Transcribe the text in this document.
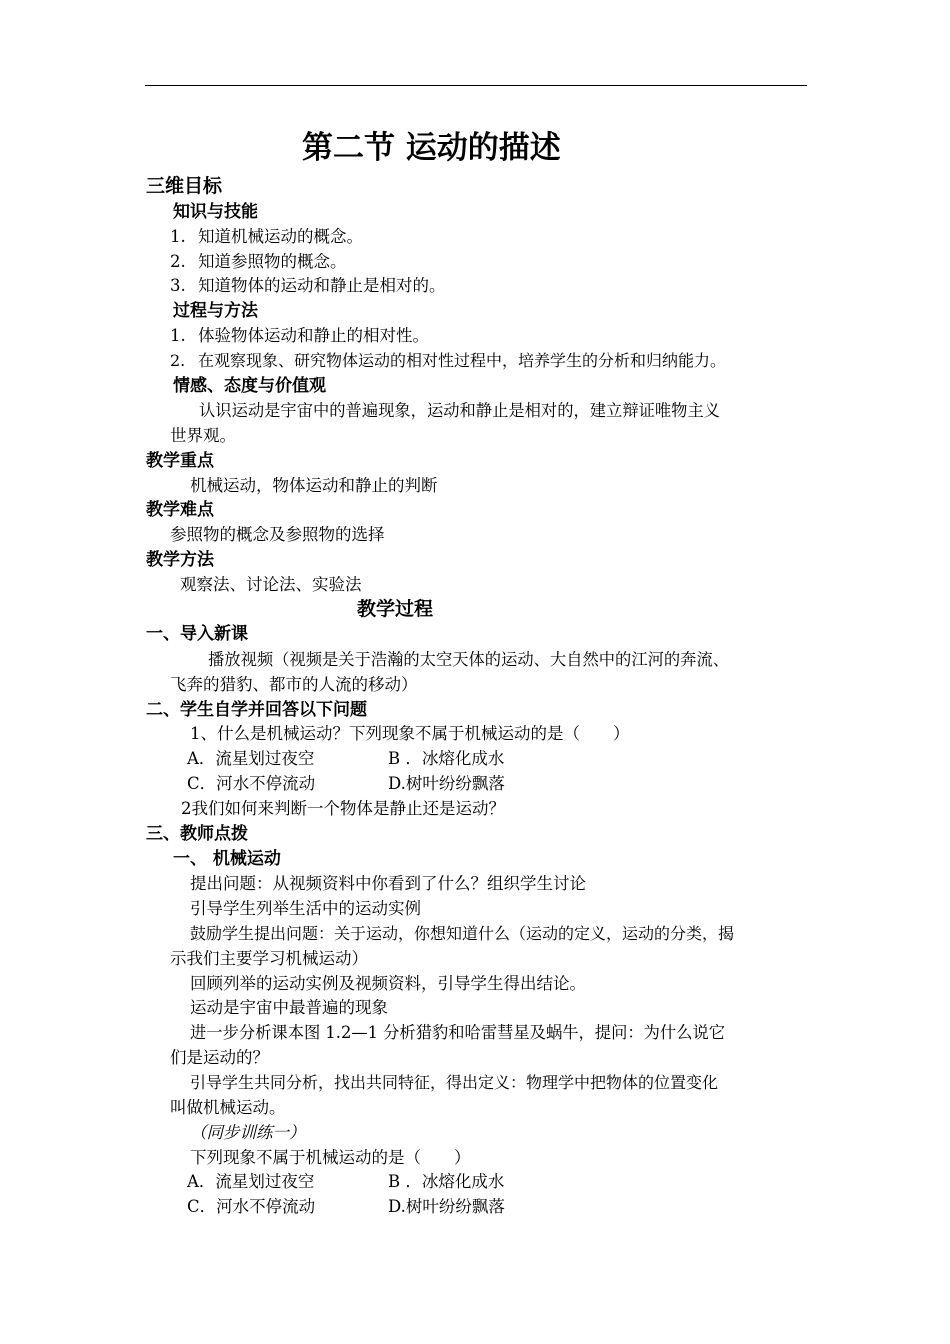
第二节 运动的描述
三维目标
知识与技能
1. 知道机械运动的概念。
2. 知道参照物的概念。
3. 知道物体的运动和静止是相对的。
过程与方法
1. 体验物体运动和静止的相对性。
2. 在观察现象、研究物体运动的相对性过程中，培养学生的分析和归纳能力。
情感、态度与价值观
认识运动是宇宙中的普遍现象，运动和静止是相对的，建立辩证唯物主义
世界观。
教学重点
机械运动，物体运动和静止的判断
教学难点
参照物的概念及参照物的选择
教学方法
观察法、讨论法、实验法
教学过程
一、导入新课
播放视频（视频是关于浩瀚的太空天体的运动、大自然中的江河的奔流、
飞奔的猎豹、都市的人流的移动）
二、学生自学并回答以下问题
1、什么是机械运动？下列现象不属于机械运动的是（　　）
A．流星划过夜空	B ．冰熔化成水
C．河水不停流动	D.树叶纷纷飘落
2我们如何来判断一个物体是静止还是运动？
三、教师点拨
一、 机械运动
提出问题：从视频资料中你看到了什么？组织学生讨论
引导学生列举生活中的运动实例
鼓励学生提出问题：关于运动，你想知道什么（运动的定义，运动的分类，揭
示我们主要学习机械运动）
回顾列举的运动实例及视频资料，引导学生得出结论。
运动是宇宙中最普遍的现象
进一步分析课本图 1.2—1 分析猎豹和哈雷彗星及蜗牛，提问：为什么说它
们是运动的？
引导学生共同分析，找出共同特征，得出定义：物理学中把物体的位置变化
叫做机械运动。
（同步训练一）
下列现象不属于机械运动的是（　　）
A．流星划过夜空	B ．冰熔化成水
C．河水不停流动	D.树叶纷纷飘落
